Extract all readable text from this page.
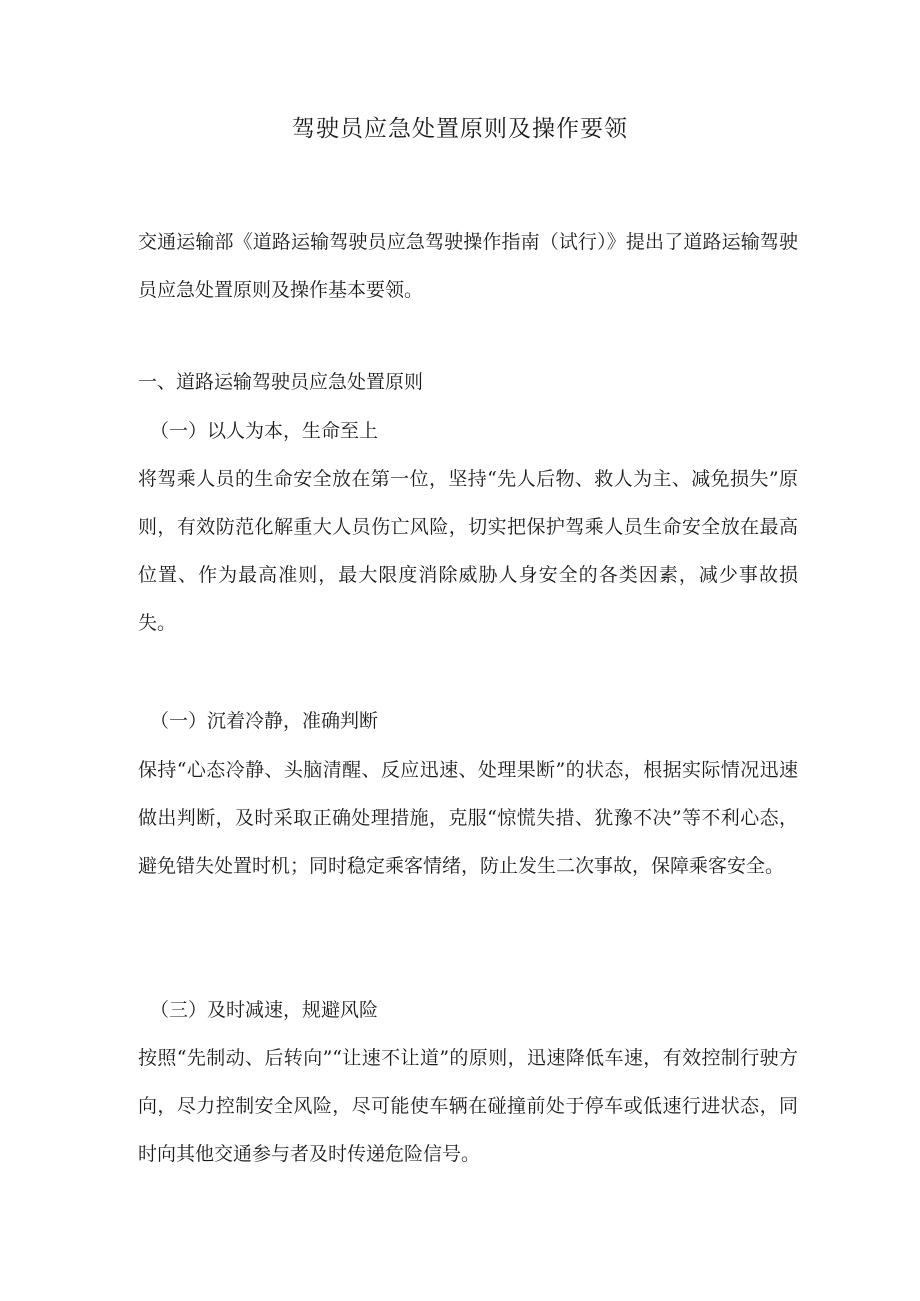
驾驶员应急处置原则及操作要领

交通运输部《道路运输驾驶员应急驾驶操作指南（试行）》提出了道路运输驾驶员应急处置原则及操作基本要领。

一、道路运输驾驶员应急处置原则

（一）以人为本，生命至上

将驾乘人员的生命安全放在第一位，坚持“先人后物、救人为主、减免损失”原则，有效防范化解重大人员伤亡风险，切实把保护驾乘人员生命安全放在最高位置、作为最高准则，最大限度消除威胁人身安全的各类因素，减少事故损失。

（一）沉着冷静，准确判断

保持“心态冷静、头脑清醒、反应迅速、处理果断”的状态，根据实际情况迅速做出判断，及时采取正确处理措施，克服“惊慌失措、犹豫不决”等不利心态，避免错失处置时机；同时稳定乘客情绪，防止发生二次事故，保障乘客安全。

（三）及时减速，规避风险

按照“先制动、后转向”“让速不让道”的原则，迅速降低车速，有效控制行驶方向，尽力控制安全风险，尽可能使车辆在碰撞前处于停车或低速行进状态，同时向其他交通参与者及时传递危险信号。
